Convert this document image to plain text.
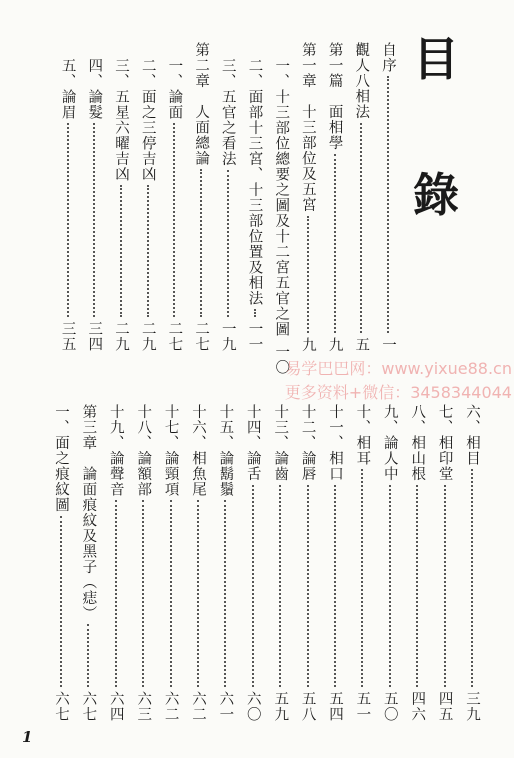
目
錄
自序
一
觀人八相法
五
第一篇　面相學
九
第一章　十三部位及五宮
九
一、十三部位總要之圖及十二宮五官之圖
一〇
二、面部十三宮、十三部位置及相法
一一
三、五官之看法
一九
第二章　人面總論
二七
一、論面
二七
二、面之三停吉凶
二九
三、五星六曜吉凶
二九
四、論髮
三四
五、論眉
三五
六、相目
三九
七、相印堂
四五
八、相山根
四六
九、論人中
五〇
十、相耳
五一
十一、相口
五四
十二、論唇
五八
十三、論齒
五九
十四、論舌
六〇
十五、論鬍鬚
六一
十六、相魚尾
六二
十七、論頸項
六二
十八、論額部
六三
十九、論聲音
六四
第三章　論面痕紋及黑子（痣）
六七
一、面之痕紋圖
六七
易学巴巴网：www.yixue88.cn
更多资料+微信：3458344044
1
